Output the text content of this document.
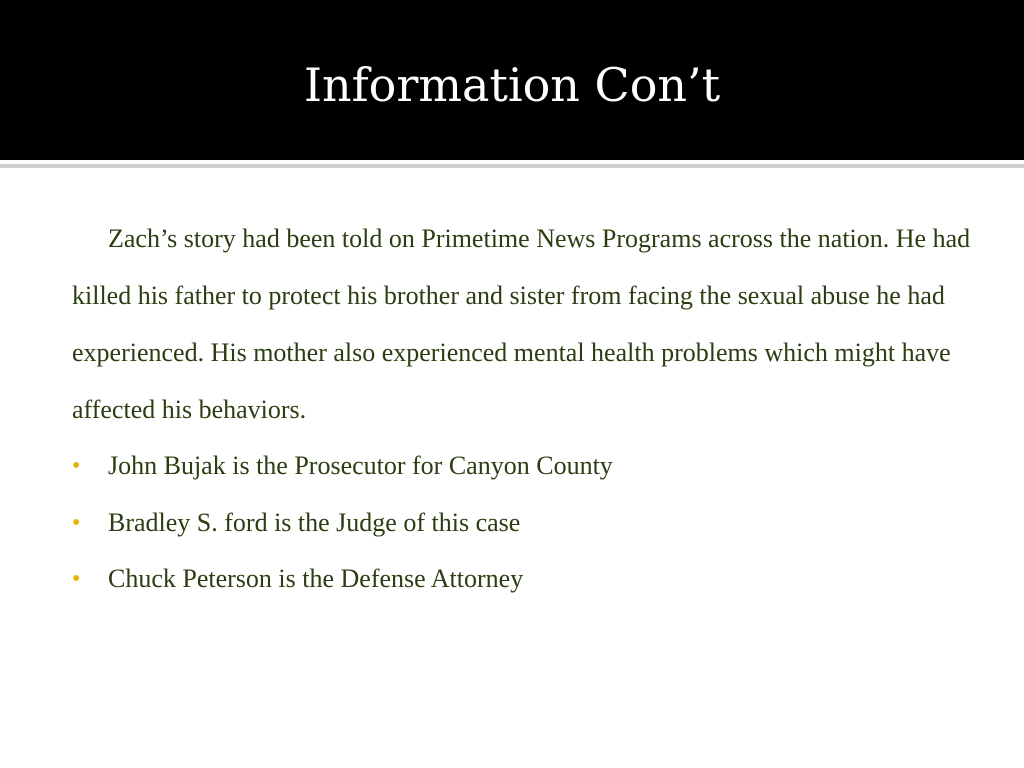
Information Con’t

Zach’s story had been told on Primetime News Programs across the nation. He had killed his father to protect his brother and sister from facing the sexual abuse he had experienced. His mother also experienced mental health problems which might have affected his behaviors.

• John Bujak is the Prosecutor for Canyon County
• Bradley S. ford is the Judge of this case
• Chuck Peterson is the Defense Attorney
